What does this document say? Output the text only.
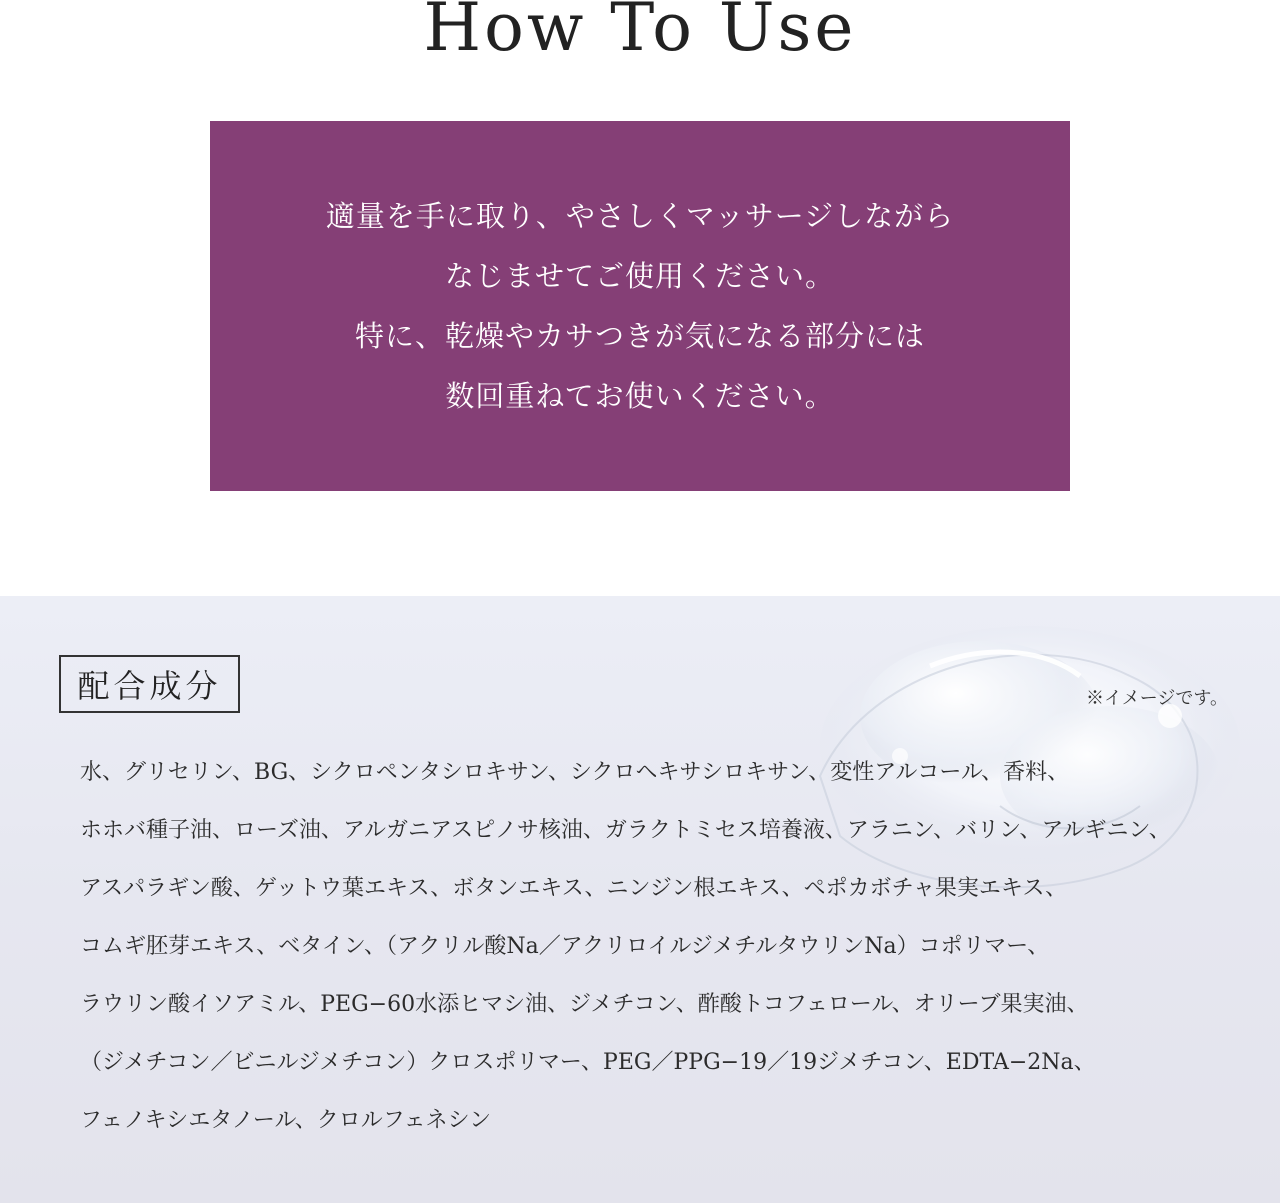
How To Use
適量を手に取り、やさしくマッサージしながら
なじませてご使用ください。
特に、乾燥やカサつきが気になる部分には
数回重ねてお使いください。
配合成分	※イメージです。
水、グリセリン、BG、シクロペンタシロキサン、シクロヘキサシロキサン、変性アルコール、香料、
ホホバ種子油、ローズ油、アルガニアスピノサ核油、ガラクトミセス培養液、アラニン、バリン、アルギニン、
アスパラギン酸、ゲットウ葉エキス、ボタンエキス、ニンジン根エキス、ペポカボチャ果実エキス、
コムギ胚芽エキス、ベタイン、（アクリル酸Na／アクリロイルジメチルタウリンNa）コポリマー、
ラウリン酸イソアミル、PEG−60水添ヒマシ油、ジメチコン、酢酸トコフェロール、オリーブ果実油、
（ジメチコン／ビニルジメチコン）クロスポリマー、PEG／PPG−19／19ジメチコン、EDTA−2Na、
フェノキシエタノール、クロルフェネシン
